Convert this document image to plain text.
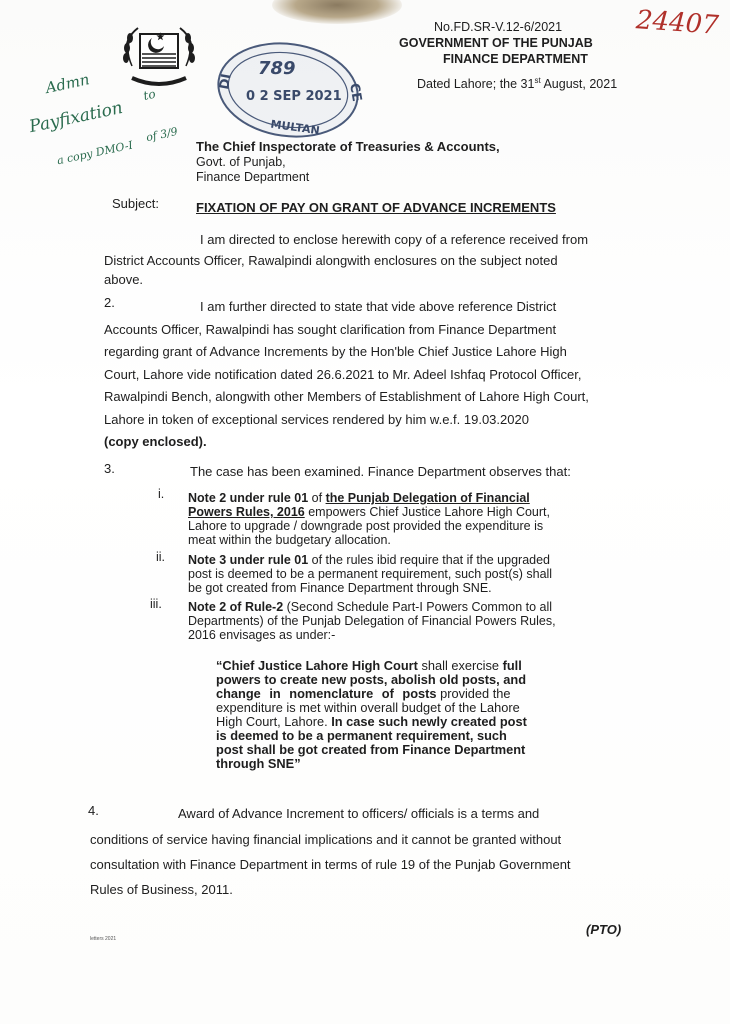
24407
No.FD.SR-V.12-6/2021
GOVERNMENT OF THE PUNJAB
FINANCE DEPARTMENT
Dated Lahore; the 31st August, 2021
Admn
Payfixation
to
a copy DMO-I
of 3/9
DI
CE
789
0 2 SEP 2021
MULTAN
The Chief Inspectorate of Treasuries & Accounts,
Govt. of Punjab,
Finance Department
Subject:	FIXATION OF PAY ON GRANT OF ADVANCE INCREMENTS
I am directed to enclose herewith copy of a reference received from
District Accounts Officer, Rawalpindi alongwith enclosures on the subject noted
above.
2.	I am further directed to state that vide above reference District
Accounts Officer, Rawalpindi has sought clarification from Finance Department
regarding grant of Advance Increments by the Hon'ble Chief Justice Lahore High
Court, Lahore vide notification dated 26.6.2021 to Mr. Adeel Ishfaq Protocol Officer,
Rawalpindi Bench, alongwith other Members of Establishment of Lahore High Court,
Lahore in token of exceptional services rendered by him w.e.f. 19.03.2020
(copy enclosed).
3.	The case has been examined. Finance Department observes that:
i. Note 2 under rule 01 of the Punjab Delegation of Financial
Powers Rules, 2016 empowers Chief Justice Lahore High Court,
Lahore to upgrade / downgrade post provided the expenditure is
meat within the budgetary allocation.
ii. Note 3 under rule 01 of the rules ibid require that if the upgraded
post is deemed to be a permanent requirement, such post(s) shall
be got created from Finance Department through SNE.
iii. Note 2 of Rule-2 (Second Schedule Part-I Powers Common to all
Departments) of the Punjab Delegation of Financial Powers Rules,
2016 envisages as under:-
“Chief Justice Lahore High Court shall exercise full
powers to create new posts, abolish old posts, and
change in nomenclature of posts provided the
expenditure is met within overall budget of the Lahore
High Court, Lahore. In case such newly created post
is deemed to be a permanent requirement, such
post shall be got created from Finance Department
through SNE”
4.	Award of Advance Increment to officers/ officials is a terms and
conditions of service having financial implications and it cannot be granted without
consultation with Finance Department in terms of rule 19 of the Punjab Government
Rules of Business, 2011.
(PTO)
letters 2021
